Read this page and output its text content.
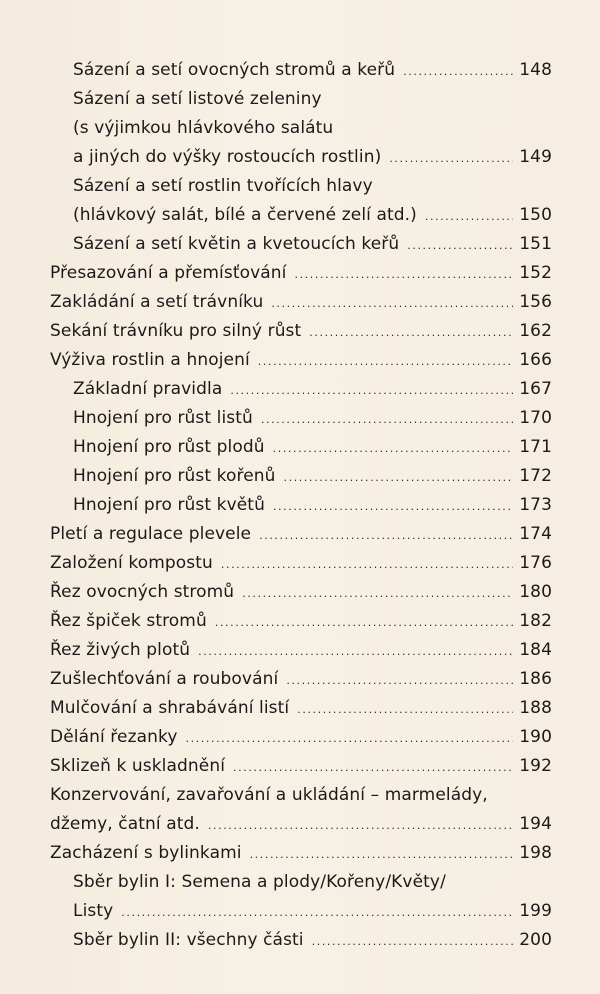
Sázení a setí ovocných stromů a keřů .....	148
Sázení a setí listové zeleniny
(s výjimkou hlávkového salátu
a jiných do výšky rostoucích rostlin) .....	149
Sázení a setí rostlin tvořících hlavy
(hlávkový salát, bílé a červené zelí atd.) .....	150
Sázení a setí květin a kvetoucích keřů .....	151
Přesazování a přemísťování .....	152
Zakládání a setí trávníku .....	156
Sekání trávníku pro silný růst .....	162
Výživa rostlin a hnojení .....	166
Základní pravidla .....	167
Hnojení pro růst listů .....	170
Hnojení pro růst plodů .....	171
Hnojení pro růst kořenů .....	172
Hnojení pro růst květů .....	173
Pletí a regulace plevele .....	174
Založení kompostu .....	176
Řez ovocných stromů .....	180
Řez špiček stromů .....	182
Řez živých plotů .....	184
Zušlechťování a roubování .....	186
Mulčování a shrabávání listí .....	188
Dělání řezanky .....	190
Sklizeň k uskladnění .....	192
Konzervování, zavařování a ukládání – marmelády,
džemy, čatní atd. .....	194
Zacházení s bylinkami .....	198
Sběr bylin I: Semena a plody/Kořeny/Květy/
Listy .....	199
Sběr bylin II: všechny části .....	200
